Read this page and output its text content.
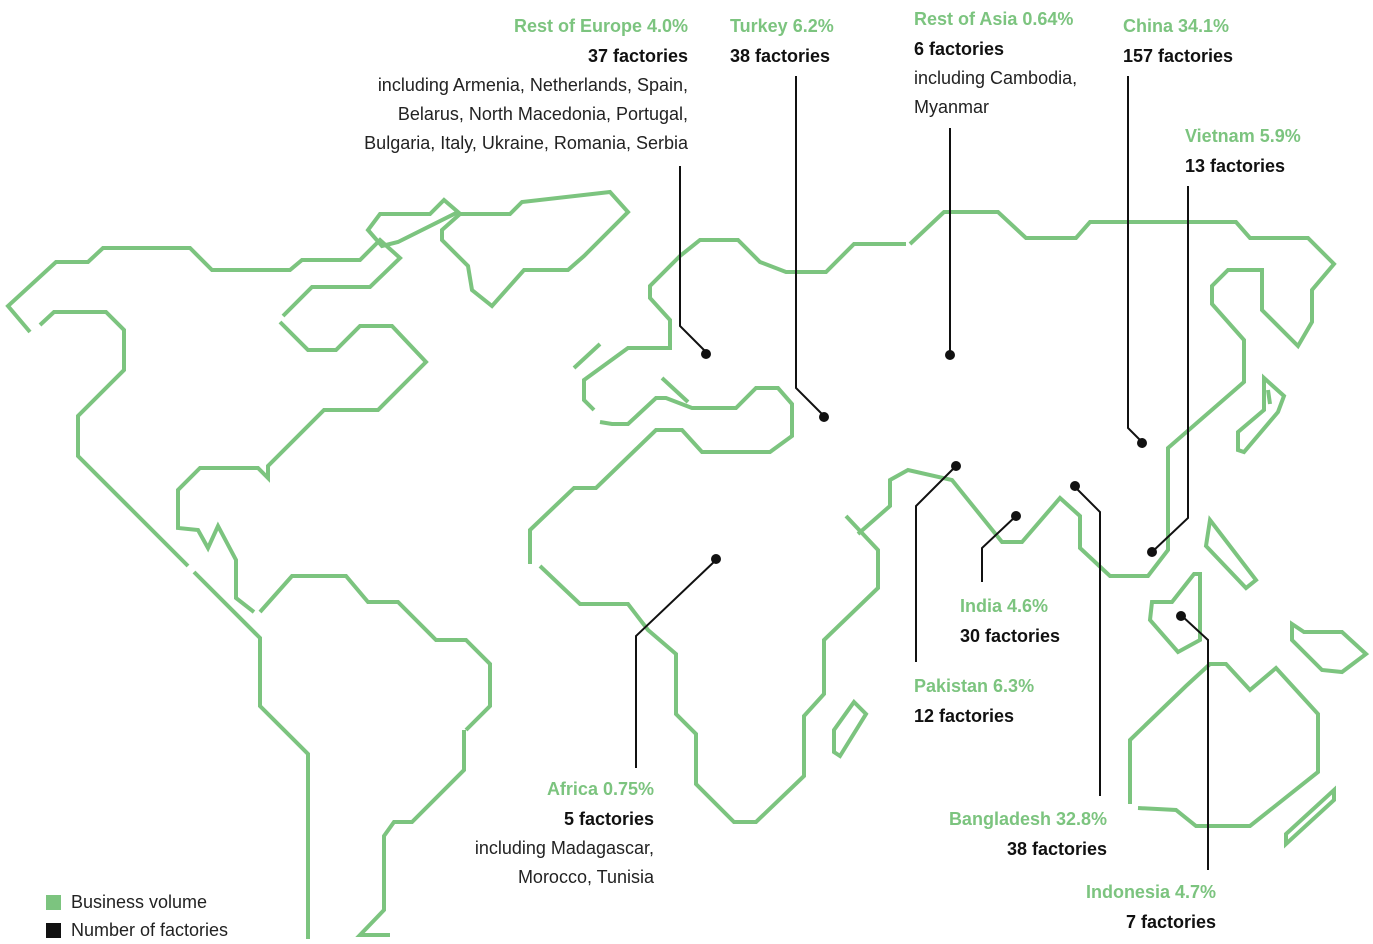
Rest of Europe 4.0%
37 factories
including Armenia, Netherlands, Spain,
Belarus, North Macedonia, Portugal,
Bulgaria, Italy, Ukraine, Romania, Serbia
Turkey 6.2%
38 factories
Rest of Asia 0.64%
6 factories
including Cambodia,
Myanmar
China 34.1%
157 factories
Vietnam 5.9%
13 factories
India 4.6%
30 factories
Pakistan 6.3%
12 factories
Africa 0.75%
5 factories
including Madagascar,
Morocco, Tunisia
Bangladesh 32.8%
38 factories
Indonesia 4.7%
7 factories
Business volume
Number of factories
